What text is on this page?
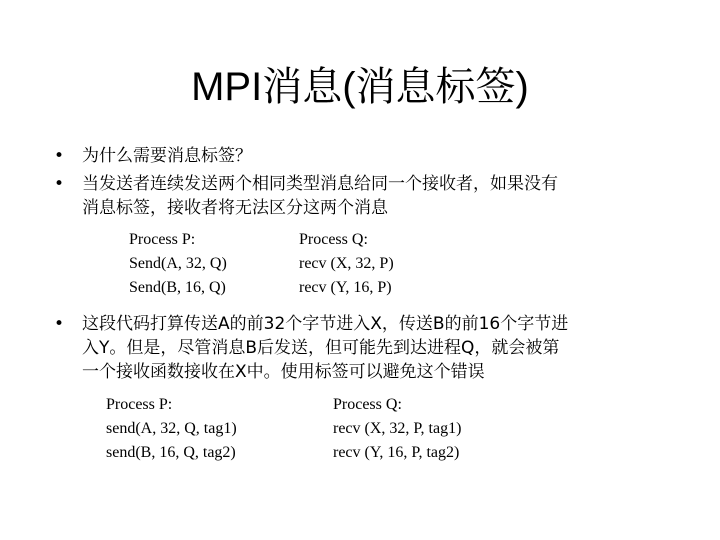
MPI消息(消息标签)
• 为什么需要消息标签？
• 当发送者连续发送两个相同类型消息给同一个接收者，如果没有
消息标签，接收者将无法区分这两个消息
Process P:
Send(A, 32, Q)
Send(B, 16, Q)
Process Q:
recv (X, 32, P)
recv (Y, 16, P)
• 这段代码打算传送A的前32个字节进入X，传送B的前16个字节进
入Y。但是，尽管消息B后发送，但可能先到达进程Q，就会被第
一个接收函数接收在X中。使用标签可以避免这个错误
Process P:
send(A, 32, Q, tag1)
send(B, 16, Q, tag2)
Process Q:
recv (X, 32, P, tag1)
recv (Y, 16, P, tag2)
